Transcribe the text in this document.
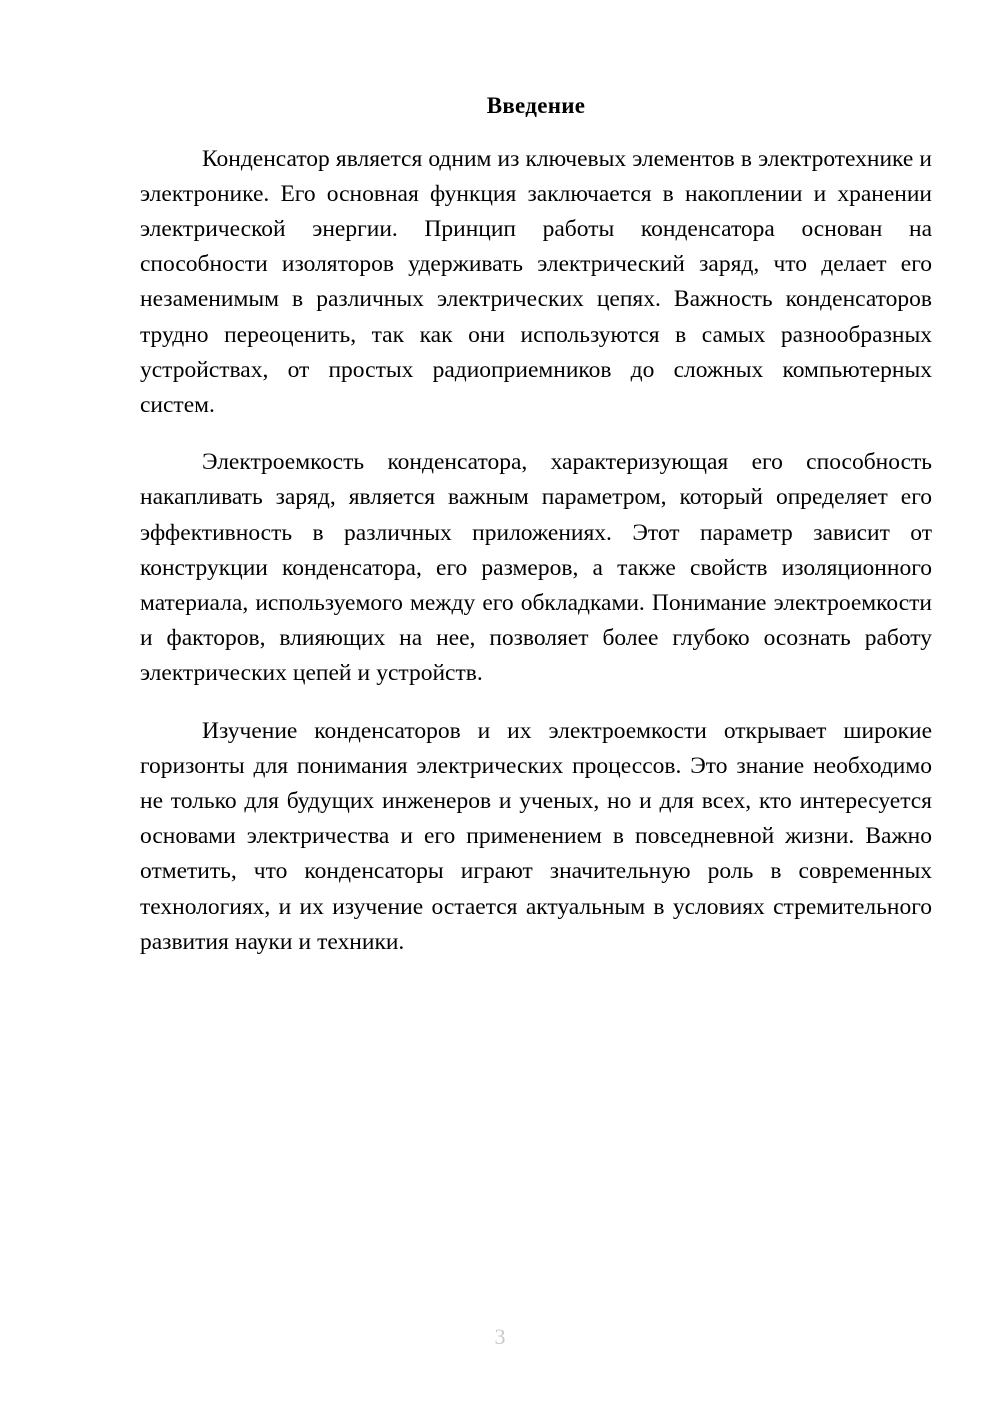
Введение

Конденсатор является одним из ключевых элементов в электротехнике и электронике. Его основная функция заключается в накоплении и хранении электрической энергии. Принцип работы конденсатора основан на способности изоляторов удерживать электрический заряд, что делает его незаменимым в различных электрических цепях. Важность конденсаторов трудно переоценить, так как они используются в самых разнообразных устройствах, от простых радиоприемников до сложных компьютерных систем.

Электроемкость конденсатора, характеризующая его способность накапливать заряд, является важным параметром, который определяет его эффективность в различных приложениях. Этот параметр зависит от конструкции конденсатора, его размеров, а также свойств изоляционного материала, используемого между его обкладками. Понимание электроемкости и факторов, влияющих на нее, позволяет более глубоко осознать работу электрических цепей и устройств.

Изучение конденсаторов и их электроемкости открывает широкие горизонты для понимания электрических процессов. Это знание необходимо не только для будущих инженеров и ученых, но и для всех, кто интересуется основами электричества и его применением в повседневной жизни. Важно отметить, что конденсаторы играют значительную роль в современных технологиях, и их изучение остается актуальным в условиях стремительного развития науки и техники.

3
